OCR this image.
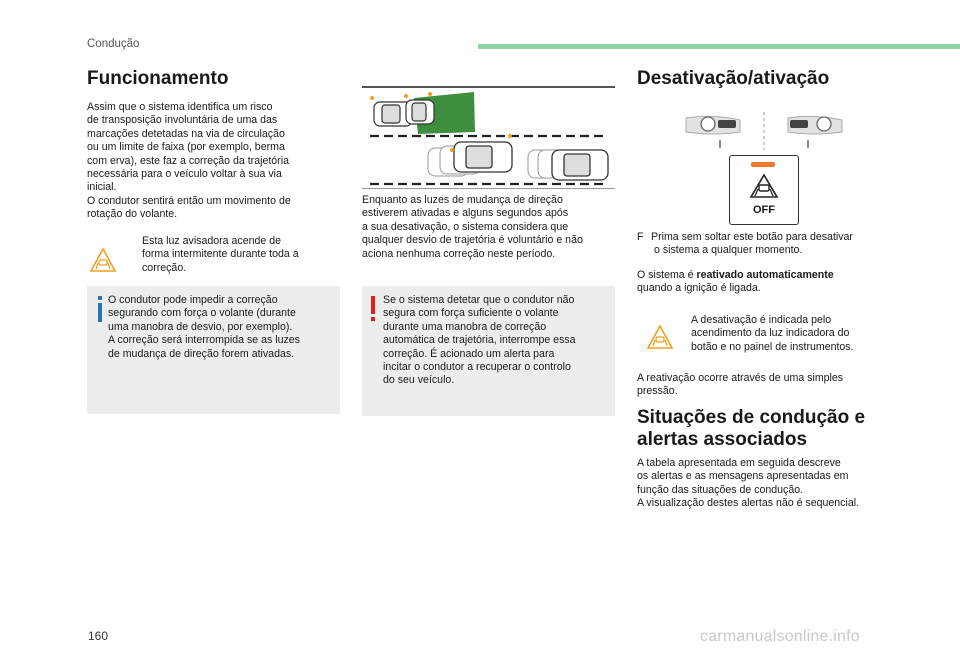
Condução
Funcionamento

Assim que o sistema identifica um risco

de transposição involuntária de uma das

marcações detetadas na via de circulação

ou um limite de faixa (por exemplo, berma

com erva), este faz a correção da trajetória

necessária para o veículo voltar à sua via

inicial.

O condutor sentirá então um movimento de

rotação do volante.

Esta luz avisadora acende de

forma intermitente durante toda a

correção.

O condutor pode impedir a correção

segurando com força o volante (durante

uma manobra de desvio, por exemplo).

A correção será interrompida se as luzes

de mudança de direção forem ativadas.

Enquanto as luzes de mudança de direção

estiverem ativadas e alguns segundos após

a sua desativação, o sistema considera que

qualquer desvio de trajetória é voluntário e não

aciona nenhuma correção neste período.

Se o sistema detetar que o condutor não

segura com força suficiente o volante

durante uma manobra de correção

automática de trajetória, interrompe essa

correção. É acionado um alerta para

incitar o condutor a recuperar o controlo

do seu veículo.

Desativação/ativação
OFF

F Prima sem soltar este botão para desativar

o sistema a qualquer momento.

O sistema é reativado automaticamente

quando a ignição é ligada.

A desativação é indicada pelo

acendimento da luz indicadora do

botão e no painel de instrumentos.

A reativação ocorre através de uma simples

pressão.

Situações de condução e
alertas associados

A tabela apresentada em seguida descreve

os alertas e as mensagens apresentadas em

função das situações de condução.

A visualização destes alertas não é sequencial.

160	carmanualsonline.info
